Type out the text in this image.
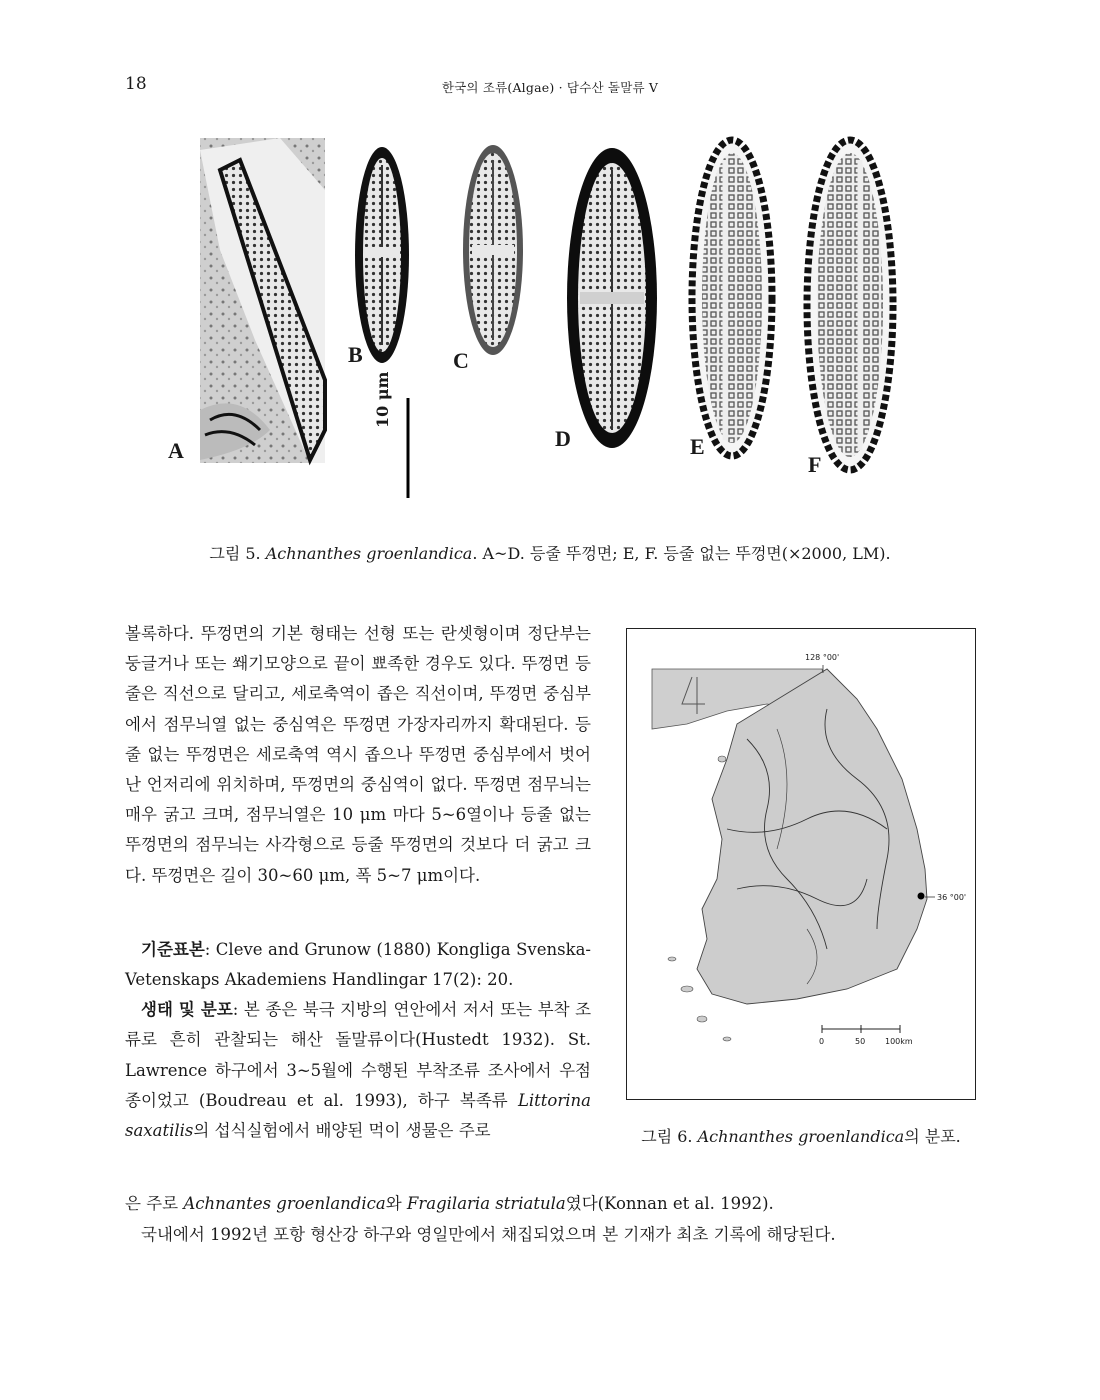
18	한국의 조류(Algae) · 담수산 돌말류 V
A
B	C
D	E
F
10 μm
그림 5. Achnanthes groenlandica. A~D. 등줄 뚜껑면; E, F. 등줄 없는 뚜껑면(×2000, LM).

볼록하다. 뚜껑면의 기본 형태는 선형 또는 란셋형이며 정단부는 둥글거나 또는 쐐기모양으로 끝이 뾰족한 경우도 있다. 뚜껑면 등줄은 직선으로 달리고, 세로축역이 좁은 직선이며, 뚜껑면 중심부에서 점무늬열 없는 중심역은 뚜껑면 가장자리까지 확대된다. 등줄 없는 뚜껑면은 세로축역 역시 좁으나 뚜껑면 중심부에서 벗어난 언저리에 위치하며, 뚜껑면의 중심역이 없다. 뚜껑면 점무늬는 매우 굵고 크며, 점무늬열은 10 μm 마다 5~6열이나 등줄 없는 뚜껑면의 점무늬는 사각형으로 등줄 뚜껑면의 것보다 더 굵고 크다. 뚜껑면은 길이 30~60 μm, 폭 5~7 μm이다.

기준표본: Cleve and Grunow (1880) Kongliga Svenska-Vetenskaps Akademiens Handlingar 17(2): 20.

생태 및 분포: 본 종은 북극 지방의 연안에서 저서 또는 부착 조류로 흔히 관찰되는 해산 돌말류이다(Hustedt 1932). St. Lawrence 하구에서 3~5월에 수행된 부착조류 조사에서 우점종이었고 (Boudreau et al. 1993), 하구 복족류 Littorina saxatilis의 섭식실험에서 배양된 먹이 생물은 주로

은 주로 Achnantes groenlandica와 Fragilaria striatula였다(Konnan et al. 1992).
국내에서 1992년 포항 형산강 하구와 영일만에서 채집되었으며 본 기재가 최초 기록에 해당된다.
128 °00'
36 °00'
0	50 100km
그림 6. Achnanthes groenlandica의 분포.
